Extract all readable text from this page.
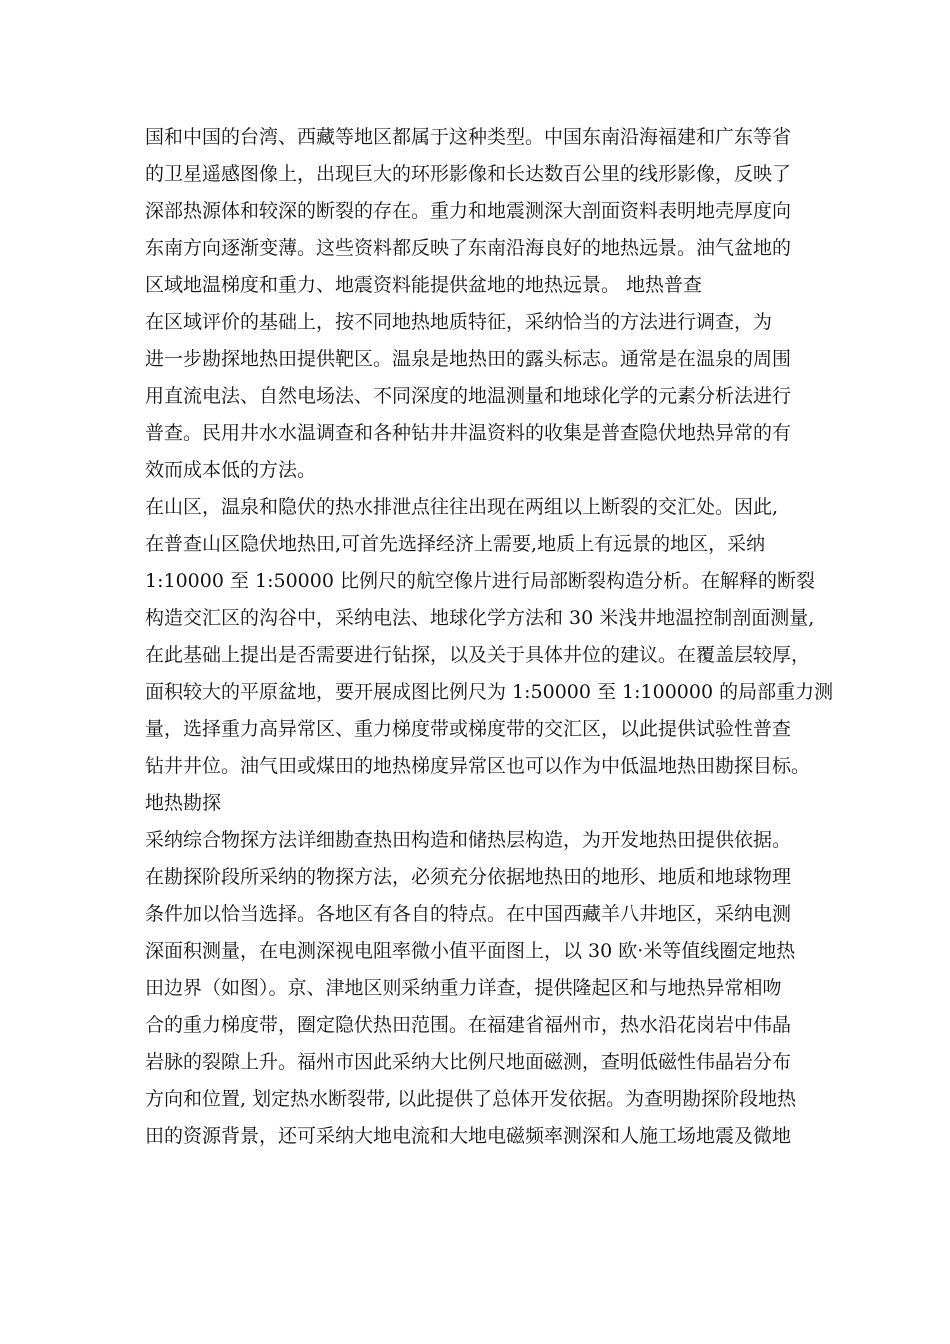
国和中国的台湾、西藏等地区都属于这种类型。中国东南沿海福建和广东等省

的卫星遥感图像上，出现巨大的环形影像和长达数百公里的线形影像，反映了

深部热源体和较深的断裂的存在。重力和地震测深大剖面资料表明地壳厚度向

东南方向逐渐变薄。这些资料都反映了东南沿海良好的地热远景。油气盆地的

区域地温梯度和重力、地震资料能提供盆地的地热远景。 地热普查

在区域评价的基础上，按不同地热地质特征，采纳恰当的方法进行调查，为

进一步勘探地热田提供靶区。温泉是地热田的露头标志。通常是在温泉的周围

用直流电法、自然电场法、不同深度的地温测量和地球化学的元素分析法进行

普查。民用井水水温调查和各种钻井井温资料的收集是普查隐伏地热异常的有

效而成本低的方法。

在山区，温泉和隐伏的热水排泄点往往出现在两组以上断裂的交汇处。因此,

在普查山区隐伏地热田,可首先选择经济上需要,地质上有远景的地区，采纳

1:10000 至 1:50000 比例尺的航空像片进行局部断裂构造分析。在解释的断裂

构造交汇区的沟谷中，采纳电法、地球化学方法和 30 米浅井地温控制剖面测量,

在此基础上提出是否需要进行钻探，以及关于具体井位的建议。在覆盖层较厚，

面积较大的平原盆地，要开展成图比例尺为 1:50000 至 1:100000 的局部重力测

量，选择重力高异常区、重力梯度带或梯度带的交汇区，以此提供试验性普查

钻井井位。油气田或煤田的地热梯度异常区也可以作为中低温地热田勘探目标。

地热勘探

采纳综合物探方法详细勘查热田构造和储热层构造，为开发地热田提供依据。

在勘探阶段所采纳的物探方法，必须充分依据地热田的地形、地质和地球物理

条件加以恰当选择。各地区有各自的特点。在中国西藏羊八井地区，采纳电测

深面积测量，在电测深视电阻率微小值平面图上，以 30 欧·米等值线圈定地热

田边界（如图）。京、津地区则采纳重力详查，提供隆起区和与地热异常相吻

合的重力梯度带，圈定隐伏热田范围。在福建省福州市，热水沿花岗岩中伟晶

岩脉的裂隙上升。福州市因此采纳大比例尺地面磁测，查明低磁性伟晶岩分布

方向和位置, 划定热水断裂带, 以此提供了总体开发依据。为查明勘探阶段地热

田的资源背景，还可采纳大地电流和大地电磁频率测深和人施工场地震及微地
